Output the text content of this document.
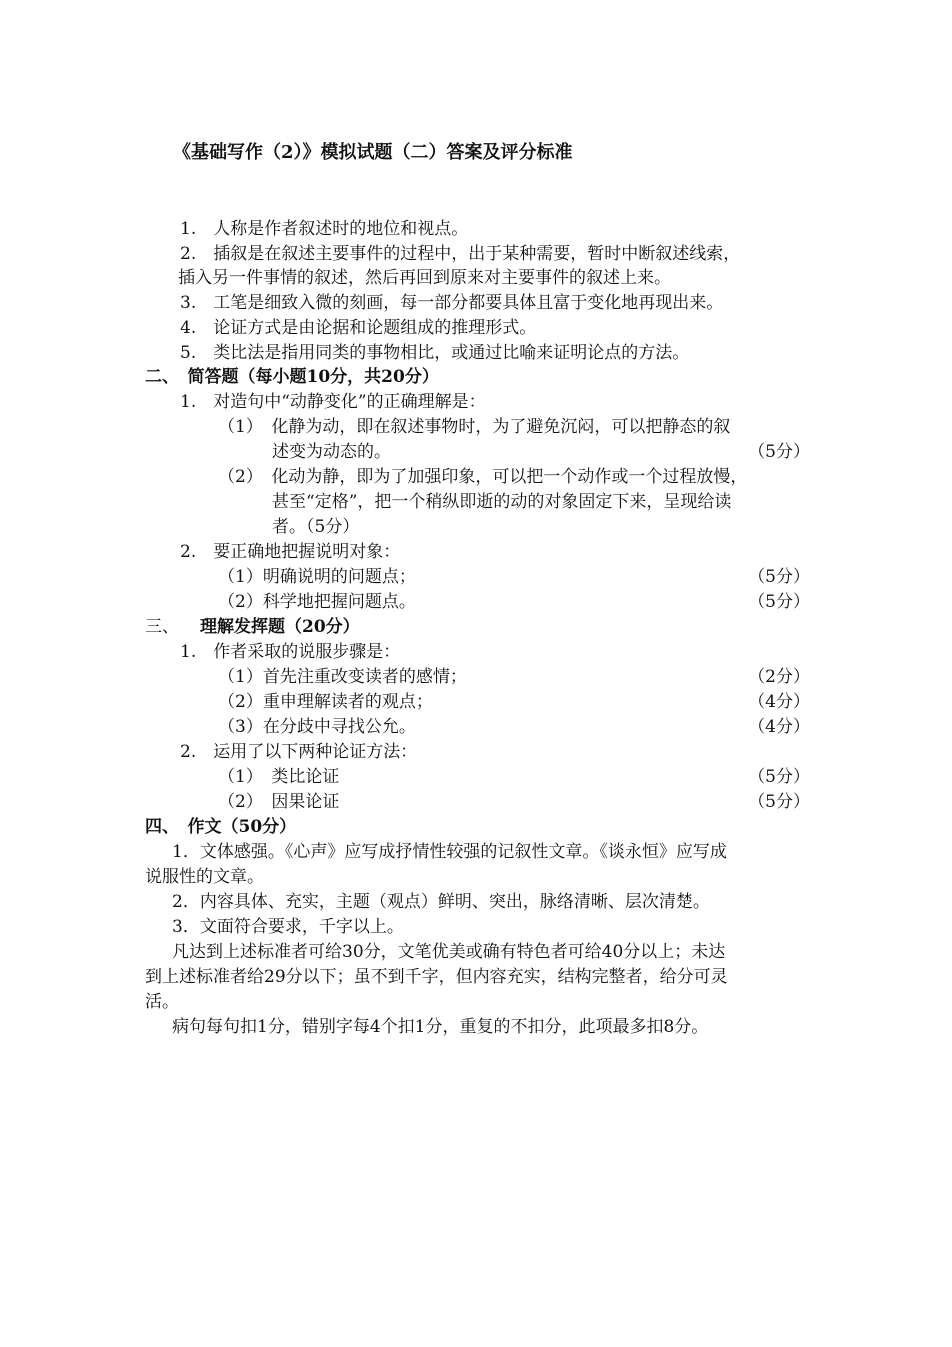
《基础写作（2）》模拟试题（二）答案及评分标准
1.　人称是作者叙述时的地位和视点。
2.　插叙是在叙述主要事件的过程中，出于某种需要，暂时中断叙述线索，
插入另一件事情的叙述，然后再回到原来对主要事件的叙述上来。
3.　工笔是细致入微的刻画，每一部分都要具体且富于变化地再现出来。
4.　论证方式是由论据和论题组成的推理形式。
5.　类比法是指用同类的事物相比，或通过比喻来证明论点的方法。
二、　简答题（每小题10分，共20分）
1.　对造句中“动静变化”的正确理解是：
（1）　化静为动，即在叙述事物时，为了避免沉闷，可以把静态的叙
述变为动态的。	（5分）
（2）　化动为静，即为了加强印象，可以把一个动作或一个过程放慢，
甚至“定格”，把一个稍纵即逝的动的对象固定下来，呈现给读
者。（5分）
2.　要正确地把握说明对象：
（1）明确说明的问题点；	（5分）
（2）科学地把握问题点。	（5分）
三、 理解发挥题（20分）
1.　作者采取的说服步骤是：
（1）首先注重改变读者的感情；	（2分）
（2）重申理解读者的观点；	（4分）
（3）在分歧中寻找公允。	（4分）
2.　运用了以下两种论证方法：
（1）　类比论证	（5分）
（2）　因果论证	（5分）
四、　作文（50分）
1．文体感强。《心声》应写成抒情性较强的记叙性文章。《谈永恒》应写成
说服性的文章。
2．内容具体、充实，主题（观点）鲜明、突出，脉络清晰、层次清楚。
3．文面符合要求，千字以上。
凡达到上述标准者可给30分，文笔优美或确有特色者可给40分以上；未达
到上述标准者给29分以下；虽不到千字，但内容充实，结构完整者，给分可灵
活。
病句每句扣1分，错别字每4个扣1分，重复的不扣分，此项最多扣8分。
